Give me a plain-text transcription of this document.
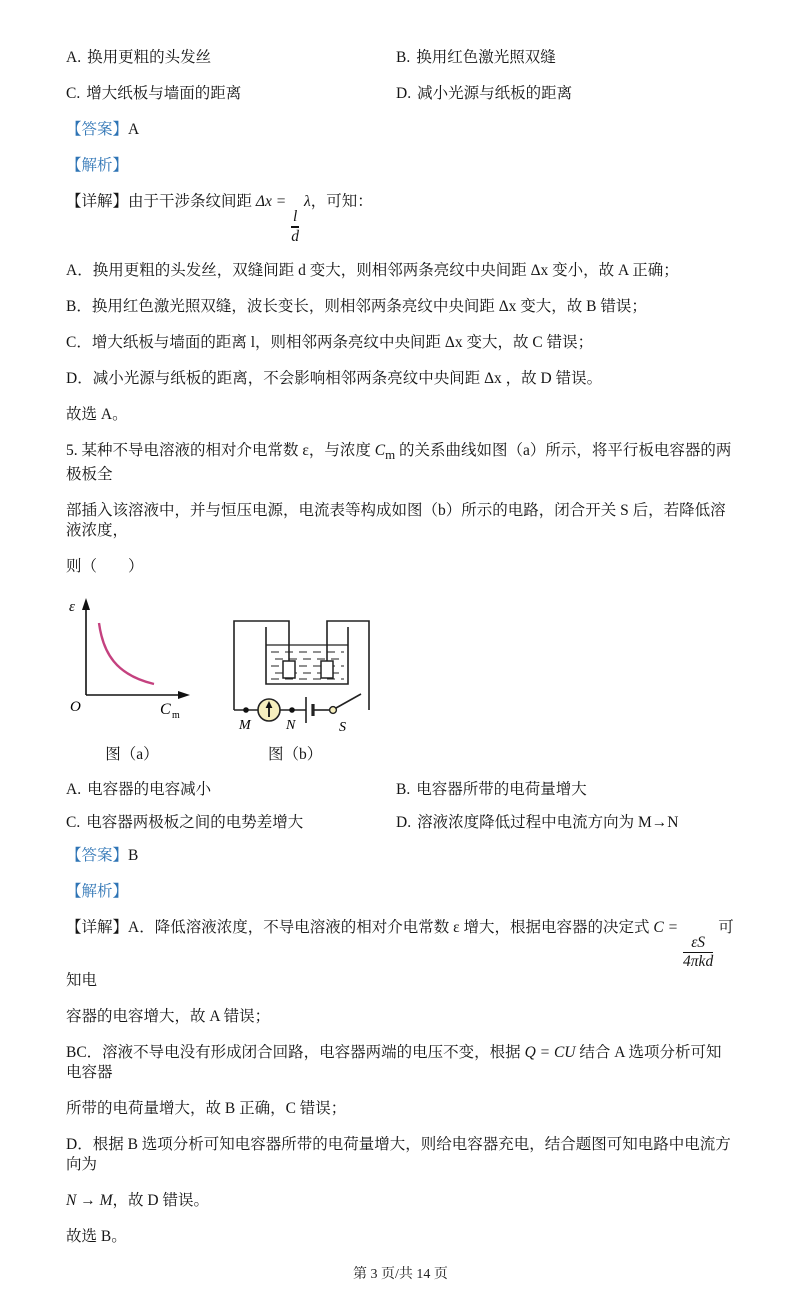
A. 换用更粗的头发丝	B. 换用红色激光照双缝
C. 增大纸板与墙面的距离	D. 减小光源与纸板的距离

【答案】A

【解析】

【详解】由于干涉条纹间距 Δx =
$\frac{l}{d}$
λ，可知：

A．换用更粗的头发丝，双缝间距 d 变大，则相邻两条亮纹中央间距 Δx 变小，故 A 正确；

B．换用红色激光照双缝，波长变长，则相邻两条亮纹中央间距 Δx 变大，故 B 错误；

C．增大纸板与墙面的距离 l，则相邻两条亮纹中央间距 Δx 变大，故 C 错误；

D．减小光源与纸板的距离，不会影响相邻两条亮纹中央间距 Δx ，故 D 错误。

故选 A。

5. 某种不导电溶液的相对介电常数 ε，与浓度 $C_m$ 的关系曲线如图（a）所示，将平行板电容器的两极板全

部插入该溶液中，并与恒压电源，电流表等构成如图（b）所示的电路，闭合开关 S 后，若降低溶液浓度，

则（　　）

ε
O	C m
M	N	S
图（a）	图（b）
A. 电容器的电容减小	B. 电容器所带的电荷量增大
C. 电容器两极板之间的电势差增大	D. 溶液浓度降低过程中电流方向为 M→N

【答案】B

【解析】

【详解】A．降低溶液浓度，不导电溶液的相对介电常数 ε 增大，根据电容器的决定式 C =
$\frac{\varepsilon S}{\text{4πkd}}$
可知电

容器的电容增大，故 A 错误；

BC．溶液不导电没有形成闭合回路，电容器两端的电压不变，根据 Q = CU 结合 A 选项分析可知电容器

所带的电荷量增大，故 B 正确，C 错误；

D．根据 B 选项分析可知电容器所带的电荷量增大，则给电容器充电，结合题图可知电路中电流方向为

N → M，故 D 错误。

故选 B。

第 3 页/共 14 页
